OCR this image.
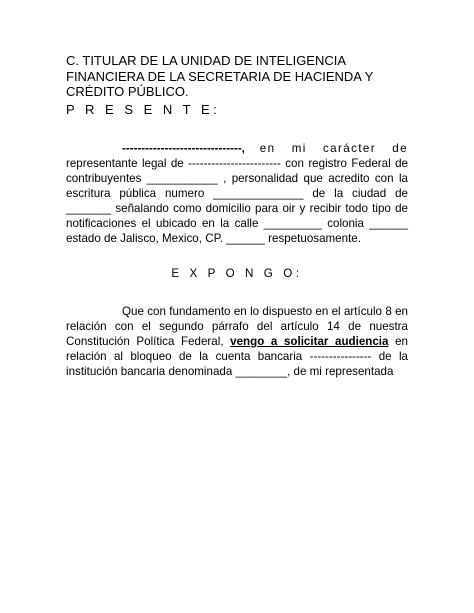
C. TITULAR DE LA UNIDAD DE INTELIGENCIA
FINANCIERA DE LA SECRETARIA DE HACIENDA Y
CRÉDITO PÚBLICO.

P R E S E N T E:
-------------------------------, en mi carácter de representante legal de ------------------------ con registro Federal de contribuyentes ___________ , personalidad que acredito con la escritura pública numero ______________ de la ciudad de _______ señalando como domicilio para oir y recibir todo tipo de notificaciones el ubicado en la calle _________ colonia ______ estado de Jalisco, Mexico, CP. ______ respetuosamente.
E X P O N G O:
Que con fundamento en lo dispuesto en el artículo 8 en relación con el segundo párrafo del artículo 14 de nuestra Constitución Política Federal, vengo a solicitar audiencia en relación al bloqueo de la cuenta bancaria ---------------- de la institución bancaria denominada ________, de mi representada
